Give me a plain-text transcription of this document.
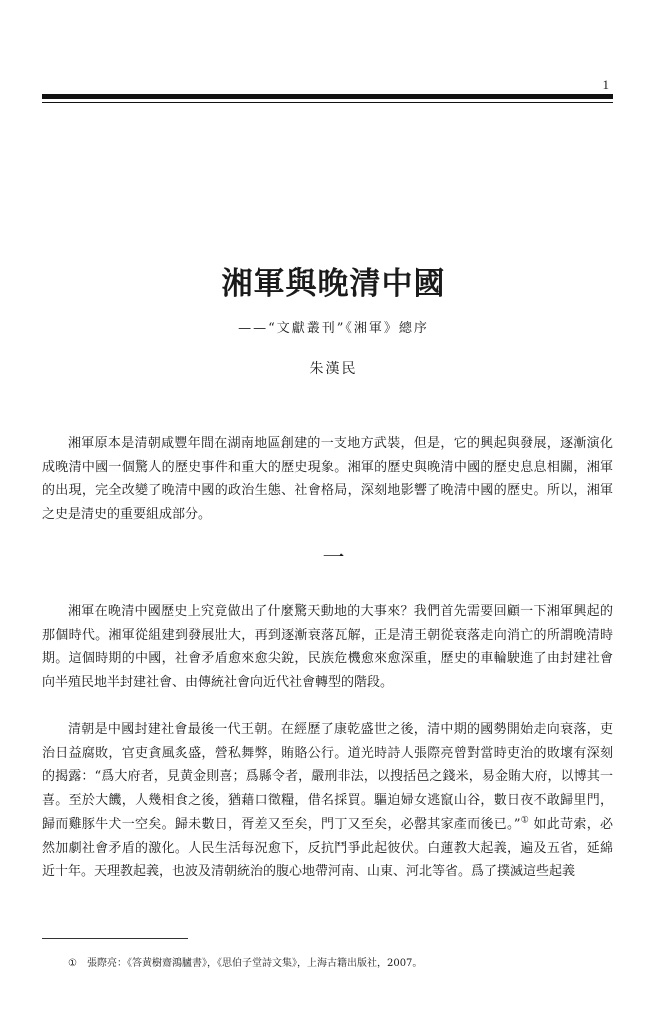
1
湘軍與晚清中國
——“文獻叢刊”《湘軍》總序
朱漢民

湘軍原本是清朝咸豐年間在湖南地區創建的一支地方武裝，但是，它的興起與發展，逐漸演化成晚清中國一個驚人的歷史事件和重大的歷史現象。湘軍的歷史與晚清中國的歷史息息相關，湘軍的出現，完全改變了晚清中國的政治生態、社會格局，深刻地影響了晚清中國的歷史。所以，湘軍之史是清史的重要組成部分。

一

湘軍在晚清中國歷史上究竟做出了什麼驚天動地的大事來？我們首先需要回顧一下湘軍興起的那個時代。湘軍從組建到發展壯大，再到逐漸衰落瓦解，正是清王朝從衰落走向消亡的所謂晚清時期。這個時期的中國，社會矛盾愈來愈尖銳，民族危機愈來愈深重，歷史的車輪駛進了由封建社會向半殖民地半封建社會、由傳統社會向近代社會轉型的階段。

清朝是中國封建社會最後一代王朝。在經歷了康乾盛世之後，清中期的國勢開始走向衰落，吏治日益腐敗，官吏貪風炙盛，營私舞弊，賄賂公行。道光時詩人張際亮曾對當時吏治的敗壞有深刻的揭露：“爲大府者，見黄金則喜；爲縣令者，嚴刑非法，以搜括邑之錢米，易金賄大府，以博其一喜。至於大饑，人幾相食之後，猶藉口徵糧，借名採買。驅迫婦女逃竄山谷，數日夜不敢歸里門，歸而雞豚牛犬一空矣。歸未數日，胥差又至矣，門丁又至矣，必罄其家產而後已。”① 如此苛索，必然加劇社會矛盾的激化。人民生活每況愈下，反抗鬥爭此起彼伏。白蓮教大起義，遍及五省，延綿近十年。天理教起義，也波及清朝統治的腹心地帶河南、山東、河北等省。爲了撲滅這些起義

① 張際亮：《答黄樹齋鴻臚書》，《思伯子堂詩文集》，上海古籍出版社，2007。
